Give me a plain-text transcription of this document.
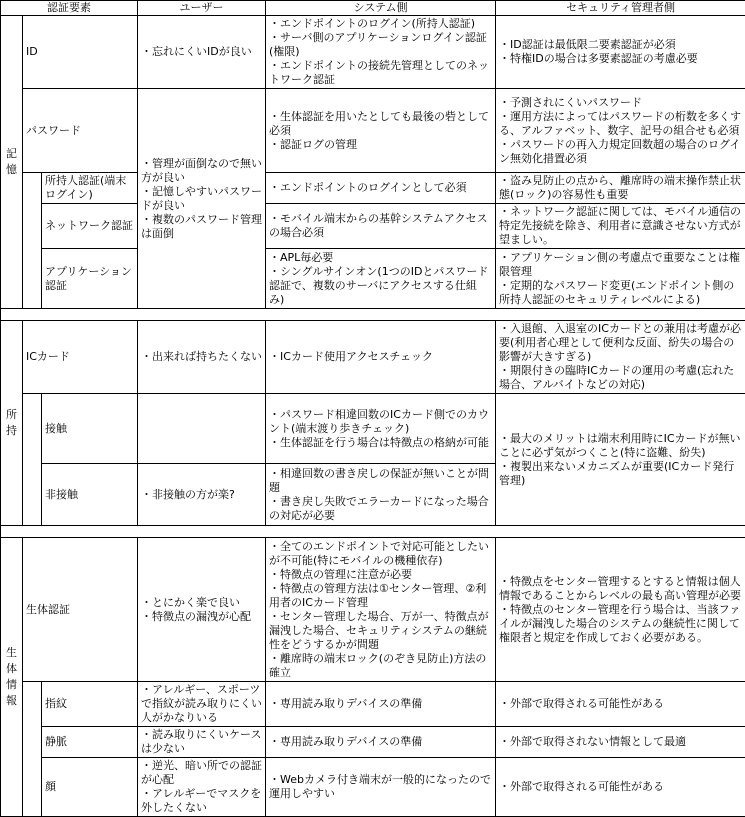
認証要素			ユーザー	システム側	セキュリティ管理者側

記憶	ID		・忘れにくいIDが良い	・エンドポイントのログイン(所持人認証)
・サーバ側のアプリケーションログイン認証(権限)
・エンドポイントの接続先管理としてのネットワーク認証	・ID認証は最低限二要素認証が必須
・特権IDの場合は多要素認証の考慮必要

	パスワード		・管理が面倒なので無い方が良い
・記憶しやすいパスワードが良い
・複数のパスワード管理は面倒	・生体認証を用いたとしても最後の砦として必須
・認証ログの管理	・予測されにくいパスワード
・運用方法によってはパスワードの桁数を多くする、アルファベット、数字、記号の組合せも必須
・パスワードの再入力規定回数超の場合のログイン無効化措置必須

		所持人認証(端末ログイン)		・エンドポイントのログインとして必須	・盗み見防止の点から、離席時の端末操作禁止状態(ロック)の容易性も重要

		ネットワーク認証		・モバイル端末からの基幹システムアクセスの場合必須	・ネットワーク認証に関しては、モバイル通信の特定先接続を除き、利用者に意識させない方式が望ましい。

		アプリケーション認証		・APL毎必要
・シングルサインオン(1つのIDとパスワード認証で、複数のサーバにアクセスする仕組み)	・アプリケーション側の考慮点で重要なことは権限管理
・定期的なパスワード変更(エンドポイント側の所持人認証のセキュリティレベルによる)

所持	ICカード		・出来れば持ちたくない	・ICカード使用アクセスチェック	・入退館、入退室のICカードとの兼用は考慮が必要(利用者心理として便利な反面、紛失の場合の影響が大きすぎる)
・期限付きの臨時ICカードの運用の考慮(忘れた場合、アルバイトなどの対応)

		接触		・パスワード相違回数のICカード側でのカウント(端末渡り歩きチェック)
・生体認証を行う場合は特徴点の格納が可能	・最大のメリットは端末利用時にICカードが無いことに必ず気がつくこと(特に盗難、紛失)
・複製出来ないメカニズムが重要(ICカード発行管理)

		非接触	・非接触の方が楽?	・相違回数の書き戻しの保証が無いことが問題
・書き戻し失敗でエラーカードになった場合の対応が必要	

生体情報	生体認証		・とにかく楽で良い
・特徴点の漏洩が心配	・全てのエンドポイントで対応可能としたいが不可能(特にモバイルの機種依存)
・特徴点の管理に注意が必要
・特徴点の管理方法は①センター管理、②利用者のICカード管理
・センター管理した場合、万が一、特徴点が漏洩した場合、セキュリティシステムの継続性をどうするかが問題
・離席時の端末ロック(のぞき見防止)方法の確立	・特徴点をセンター管理するとすると情報は個人情報であることからレベルの最も高い管理が必要
・特徴点のセンター管理を行う場合は、当該ファイルが漏洩した場合のシステムの継続性に関して権限者と規定を作成しておく必要がある。

		指紋	・アレルギー、スポーツで指紋が読み取りにくい人がかなりいる	・専用読み取りデバイスの準備	・外部で取得される可能性がある

		静脈	・読み取りにくいケースは少ない	・専用読み取りデバイスの準備	・外部で取得されない情報として最適

		顔	・逆光、暗い所での認証が心配
・アレルギーでマスクを外したくない	・Webカメラ付き端末が一般的になったので運用しやすい	・外部で取得される可能性がある
